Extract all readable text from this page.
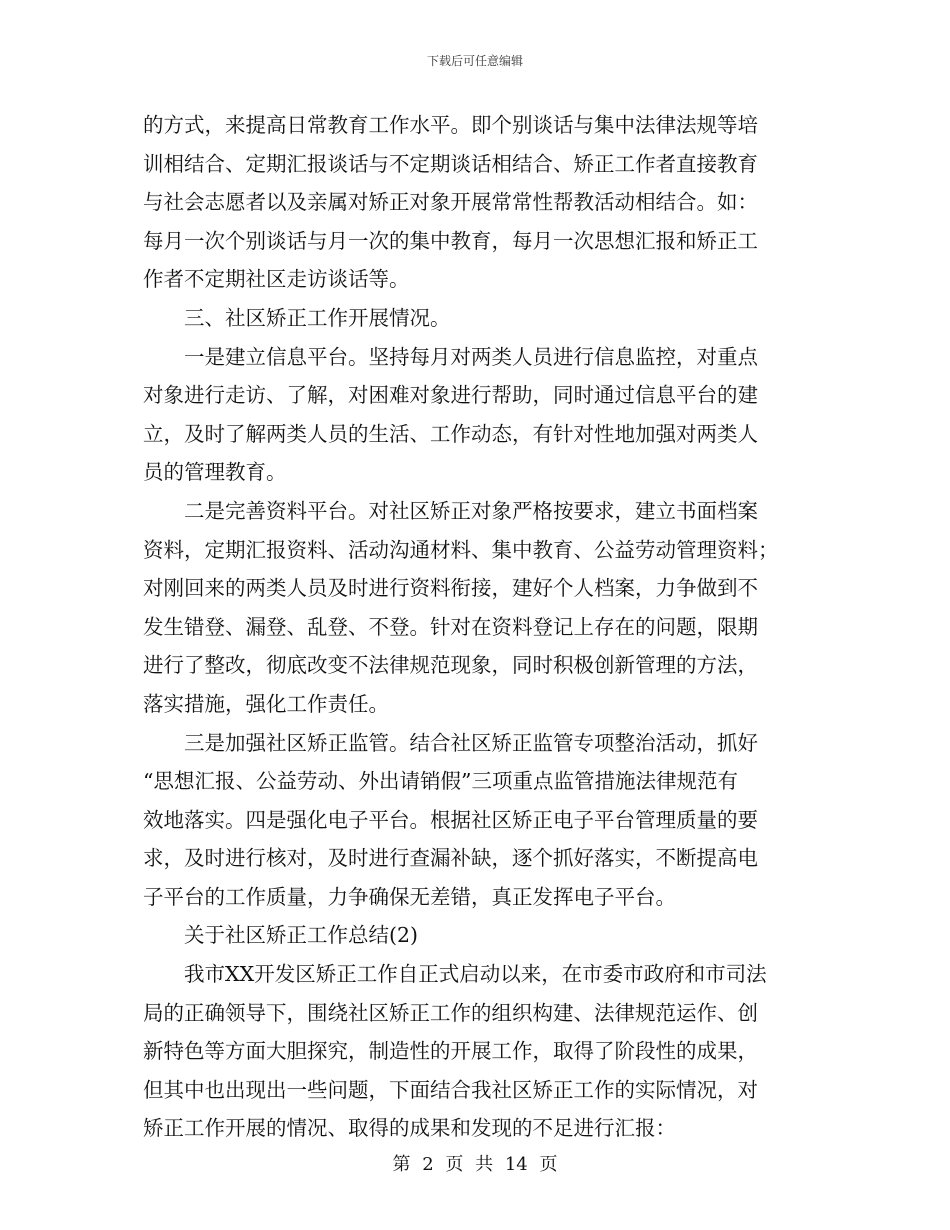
下载后可任意编辑

的方式，来提高日常教育工作水平。即个别谈话与集中法律法规等培

训相结合、定期汇报谈话与不定期谈话相结合、矫正工作者直接教育

与社会志愿者以及亲属对矫正对象开展常常性帮教活动相结合。如：

每月一次个别谈话与月一次的集中教育，每月一次思想汇报和矫正工

作者不定期社区走访谈话等。

三、社区矫正工作开展情况。

一是建立信息平台。坚持每月对两类人员进行信息监控，对重点

对象进行走访、了解，对困难对象进行帮助，同时通过信息平台的建

立，及时了解两类人员的生活、工作动态，有针对性地加强对两类人

员的管理教育。

二是完善资料平台。对社区矫正对象严格按要求，建立书面档案

资料，定期汇报资料、活动沟通材料、集中教育、公益劳动管理资料；

对刚回来的两类人员及时进行资料衔接，建好个人档案，力争做到不

发生错登、漏登、乱登、不登。针对在资料登记上存在的问题，限期

进行了整改，彻底改变不法律规范现象，同时积极创新管理的方法，

落实措施，强化工作责任。

三是加强社区矫正监管。结合社区矫正监管专项整治活动，抓好

“思想汇报、公益劳动、外出请销假”三项重点监管措施法律规范有

效地落实。四是强化电子平台。根据社区矫正电子平台管理质量的要

求，及时进行核对，及时进行查漏补缺，逐个抓好落实，不断提高电

子平台的工作质量，力争确保无差错，真正发挥电子平台。

关于社区矫正工作总结(2)

我市XX开发区矫正工作自正式启动以来，在市委市政府和市司法

局的正确领导下，围绕社区矫正工作的组织构建、法律规范运作、创

新特色等方面大胆探究，制造性的开展工作，取得了阶段性的成果，

但其中也出现出一些问题，下面结合我社区矫正工作的实际情况，对

矫正工作开展的情况、取得的成果和发现的不足进行汇报：

第 2 页 共 14 页
